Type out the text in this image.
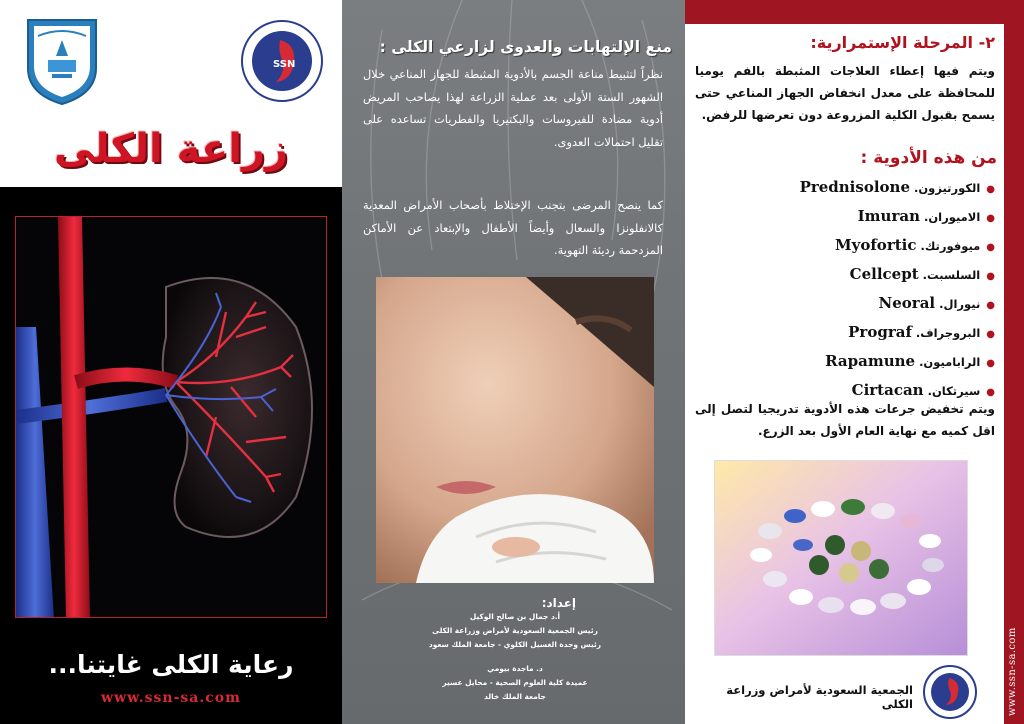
SSN
زراعة الكلى
رعاية الكلى غايتنا...
www.ssn-sa.com
منع الإلتهابات والعدوى لزارعي الكلى :

نظراً لتثبيط مناعة الجسم بالأدوية المثبطة للجهاز المناعي خلال الشهور الستة الأولى بعد عملية الزراعة لهذا يصاحب المريض أدوية مضادة للفيروسات والبكتيريا والفطريات تساعده على تقليل احتمالات العدوى.

كما ينصح المرضى بتجنب الإختلاط بأصحاب الأمراض المعدية كالانفلونزا والسعال وأيضاً الأطفال والإبتعاد عن الأماكن المزدحمة رديئة التهوية.

إعداد:
أ.د جمال بن صالح الوكيل
رئيس الجمعية السعودية لأمراض وزراعة الكلى
رئيس وحدة الغسيل الكلوي - جامعة الملك سعود
د. ماجدة بيومي
عميدة كلية العلوم الصحية - محايل عسير
جامعة الملك خالد	www.ssn-sa.com
٢- المرحلة الإستمرارية:

ويتم فيها إعطاء العلاجات المثبطة بالفم يوميا للمحافظة على معدل انخفاض الجهاز المناعي حتى يسمح بقبول الكلية المزروعة دون تعرضها للرفض.

من هذه الأدوية :
Prednisolone الكورتيزون. ●
Imuran الاميوران. ●
Myofortic ميوفورتك. ●
Cellcept السلسبت. ●
Neoral نيورال. ●
Prograf البروجراف. ●
Rapamune الراباميون. ●
Cirtacan سيرتكان. ●

ويتم تخفيض جرعات هذه الأدوية تدريجيا لتصل إلى اقل كميه مع نهاية العام الأول بعد الزرع.

الجمعية السعودية لأمراض وزراعة الكلى
